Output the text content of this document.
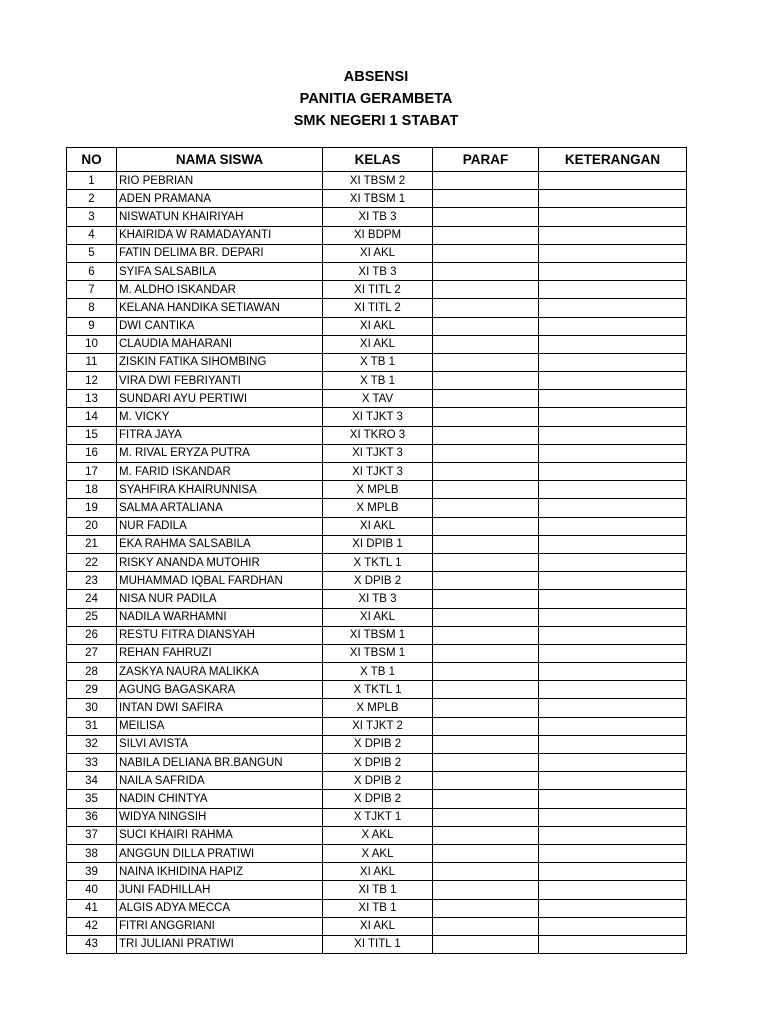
ABSENSI
PANITIA GERAMBETA
SMK NEGERI 1 STABAT
NO	NAMA SISWA	KELAS	PARAF	KETERANGAN
1	RIO PEBRIAN	XI TBSM 2		
2	ADEN PRAMANA	XI TBSM 1		
3	NISWATUN KHAIRIYAH	XI TB 3		
4	KHAIRIDA W RAMADAYANTI	XI BDPM		
5	FATIN DELIMA BR. DEPARI	XI AKL		
6	SYIFA SALSABILA	XI TB 3		
7	M. ALDHO ISKANDAR	XI TITL 2		
8	KELANA HANDIKA SETIAWAN	XI TITL 2		
9	DWI CANTIKA	XI AKL		
10	CLAUDIA MAHARANI	XI AKL		
11	ZISKIN FATIKA SIHOMBING	X TB 1		
12	VIRA DWI FEBRIYANTI	X TB 1		
13	SUNDARI AYU PERTIWI	X TAV		
14	M. VICKY	XI TJKT 3		
15	FITRA JAYA	XI TKRO 3		
16	M. RIVAL ERYZA PUTRA	XI TJKT 3		
17	M. FARID ISKANDAR	XI TJKT 3		
18	SYAHFIRA KHAIRUNNISA	X MPLB		
19	SALMA ARTALIANA	X MPLB		
20	NUR FADILA	XI AKL		
21	EKA RAHMA SALSABILA	XI DPIB 1		
22	RISKY ANANDA MUTOHIR	X TKTL 1		
23	MUHAMMAD IQBAL FARDHAN	X DPIB 2		
24	NISA NUR PADILA	XI TB 3		
25	NADILA WARHAMNI	XI AKL		
26	RESTU FITRA DIANSYAH	XI TBSM 1		
27	REHAN FAHRUZI	XI TBSM 1		
28	ZASKYA NAURA MALIKKA	X TB 1		
29	AGUNG BAGASKARA	X TKTL 1		
30	INTAN DWI SAFIRA	X MPLB		
31	MEILISA	XI TJKT 2		
32	SILVI AVISTA	X DPIB 2		
33	NABILA DELIANA BR.BANGUN	X DPIB 2		
34	NAILA SAFRIDA	X DPIB 2		
35	NADIN CHINTYA	X DPIB 2		
36	WIDYA NINGSIH	X TJKT 1		
37	SUCI KHAIRI RAHMA	X AKL		
38	ANGGUN DILLA PRATIWI	X AKL		
39	NAINA IKHIDINA HAPIZ	XI AKL		
40	JUNI FADHILLAH	XI TB 1		
41	ALGIS ADYA MECCA	XI TB 1		
42	FITRI ANGGRIANI	XI AKL		
43	TRI JULIANI PRATIWI	XI TITL 1		
